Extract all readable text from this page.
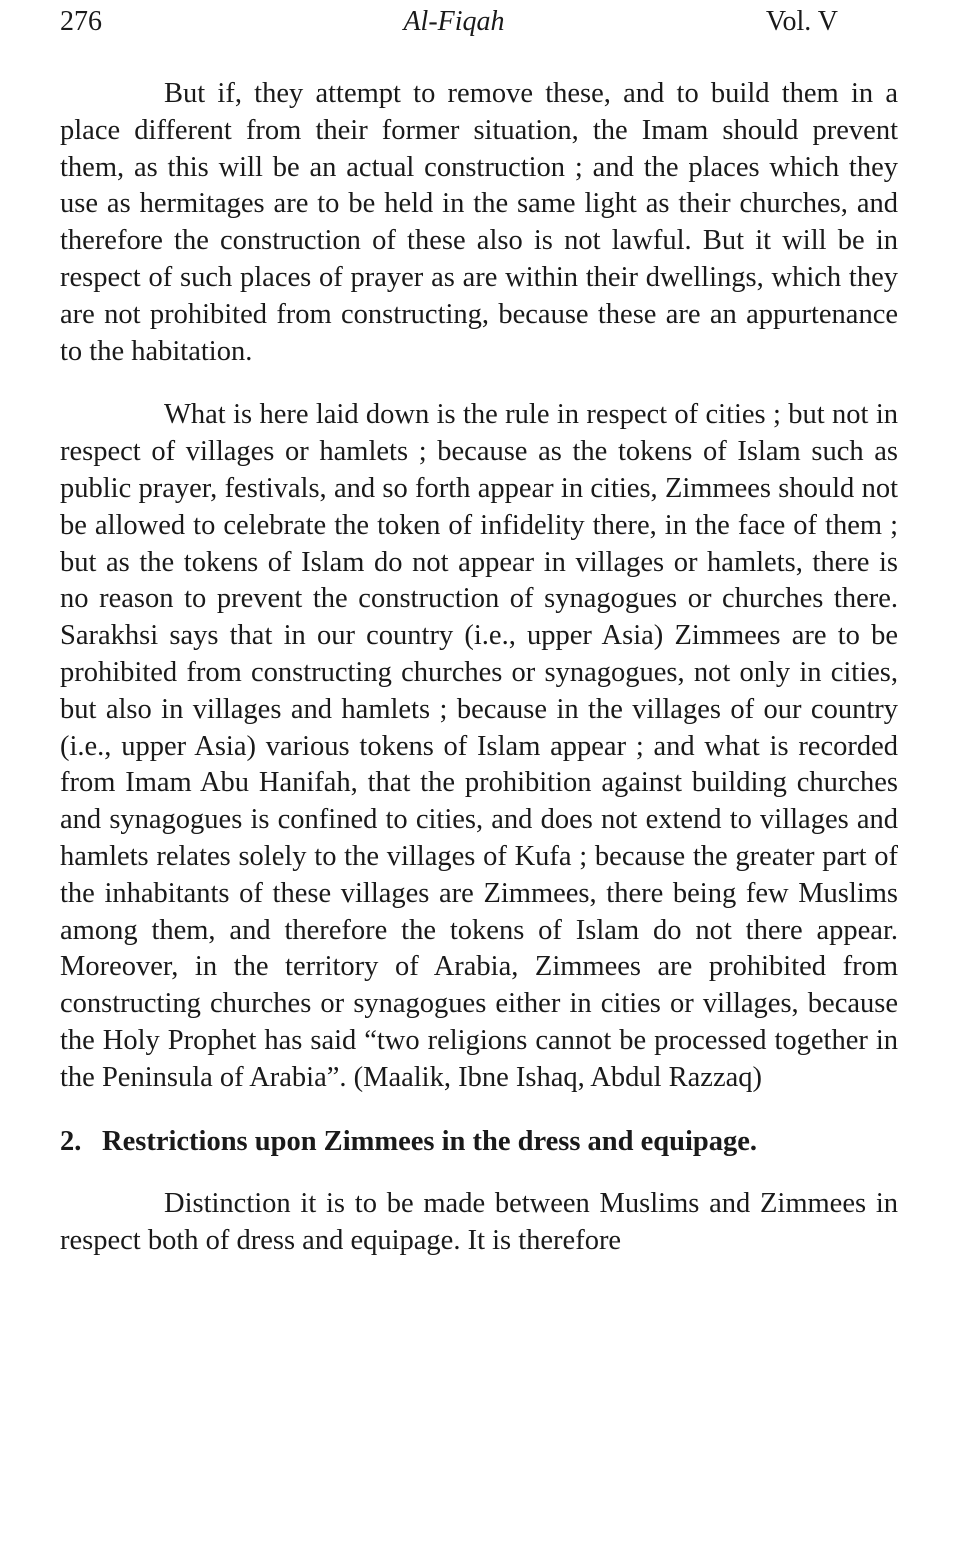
276	Al-Fiqah	Vol. V

But if, they attempt to remove these, and to build them in a place different from their former situation, the Imam should prevent them, as this will be an actual construction ; and the places which they use as hermitages are to be held in the same light as their churches, and therefore the construction of these also is not lawful. But it will be in respect of such places of prayer as are within their dwellings, which they are not prohibited from constructing, because these are an appurtenance to the habitation.

What is here laid down is the rule in respect of cities ; but not in respect of villages or hamlets ; because as the tokens of Islam such as public prayer, festivals, and so forth appear in cities, Zimmees should not be allowed to celebrate the token of infidelity there, in the face of them ; but as the tokens of Islam do not appear in villages or hamlets, there is no reason to prevent the construction of synagogues or churches there. Sarakhsi says that in our country (i.e., upper Asia) Zimmees are to be prohibited from constructing churches or synagogues, not only in cities, but also in villages and hamlets ; because in the villages of our country (i.e., upper Asia) various tokens of Islam appear ; and what is recorded from Imam Abu Hanifah, that the prohibition against building churches and synagogues is confined to cities, and does not extend to villages and hamlets relates solely to the villages of Kufa ; because the greater part of the inhabitants of these villages are Zimmees, there being few Muslims among them, and therefore the tokens of Islam do not there appear. Moreover, in the territory of Arabia, Zimmees are prohibited from constructing churches or synagogues either in cities or villages, because the Holy Prophet has said “two religions cannot be processed together in the Peninsula of Arabia”. (Maalik, Ibne Ishaq, Abdul Razzaq)

2. Restrictions upon Zimmees in the dress and equipage.

Distinction it is to be made between Muslims and Zimmees in respect both of dress and equipage. It is therefore
